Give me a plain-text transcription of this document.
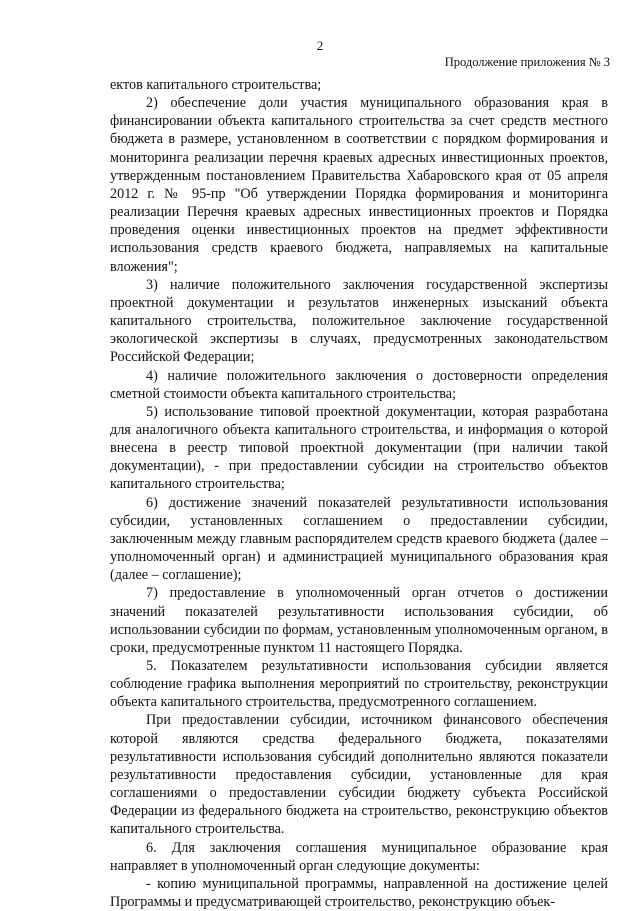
2
Продолжение приложения № 3

ектов капитального строительства;

2) обеспечение доли участия муниципального образования края в финансировании объекта капитального строительства за счет средств местного бюджета в размере, установленном в соответствии с порядком формирования и мониторинга реализации перечня краевых адресных инвестиционных проектов, утвержденным постановлением Правительства Хабаровского края от 05 апреля 2012 г. № 95-пр "Об утверждении Порядка формирования и мониторинга реализации Перечня краевых адресных инвестиционных проектов и Порядка проведения оценки инвестиционных проектов на предмет эффективности использования средств краевого бюджета, направляемых на капитальные вложения";

3) наличие положительного заключения государственной экспертизы проектной документации и результатов инженерных изысканий объекта капитального строительства, положительное заключение государственной экологической экспертизы в случаях, предусмотренных законодательством Российской Федерации;

4) наличие положительного заключения о достоверности определения сметной стоимости объекта капитального строительства;

5) использование типовой проектной документации, которая разработана для аналогичного объекта капитального строительства, и информация о которой внесена в реестр типовой проектной документации (при наличии такой документации), - при предоставлении субсидии на строительство объектов капитального строительства;

6) достижение значений показателей результативности использования субсидии, установленных соглашением о предоставлении субсидии, заключенным между главным распорядителем средств краевого бюджета (далее – уполномоченный орган) и администрацией муниципального образования края (далее – соглашение);

7) предоставление в уполномоченный орган отчетов о достижении значений показателей результативности использования субсидии, об использовании субсидии по формам, установленным уполномоченным органом, в сроки, предусмотренные пунктом 11 настоящего Порядка.

5. Показателем результативности использования субсидии является соблюдение графика выполнения мероприятий по строительству, реконструкции объекта капитального строительства, предусмотренного соглашением.

При предоставлении субсидии, источником финансового обеспечения которой являются средства федерального бюджета, показателями результативности использования субсидий дополнительно являются показатели результативности предоставления субсидии, установленные для края соглашениями о предоставлении субсидии бюджету субъекта Российской Федерации из федерального бюджета на строительство, реконструкцию объектов капитального строительства.

6. Для заключения соглашения муниципальное образование края направляет в уполномоченный орган следующие документы:

- копию муниципальной программы, направленной на достижение целей Программы и предусматривающей строительство, реконструкцию объек-
